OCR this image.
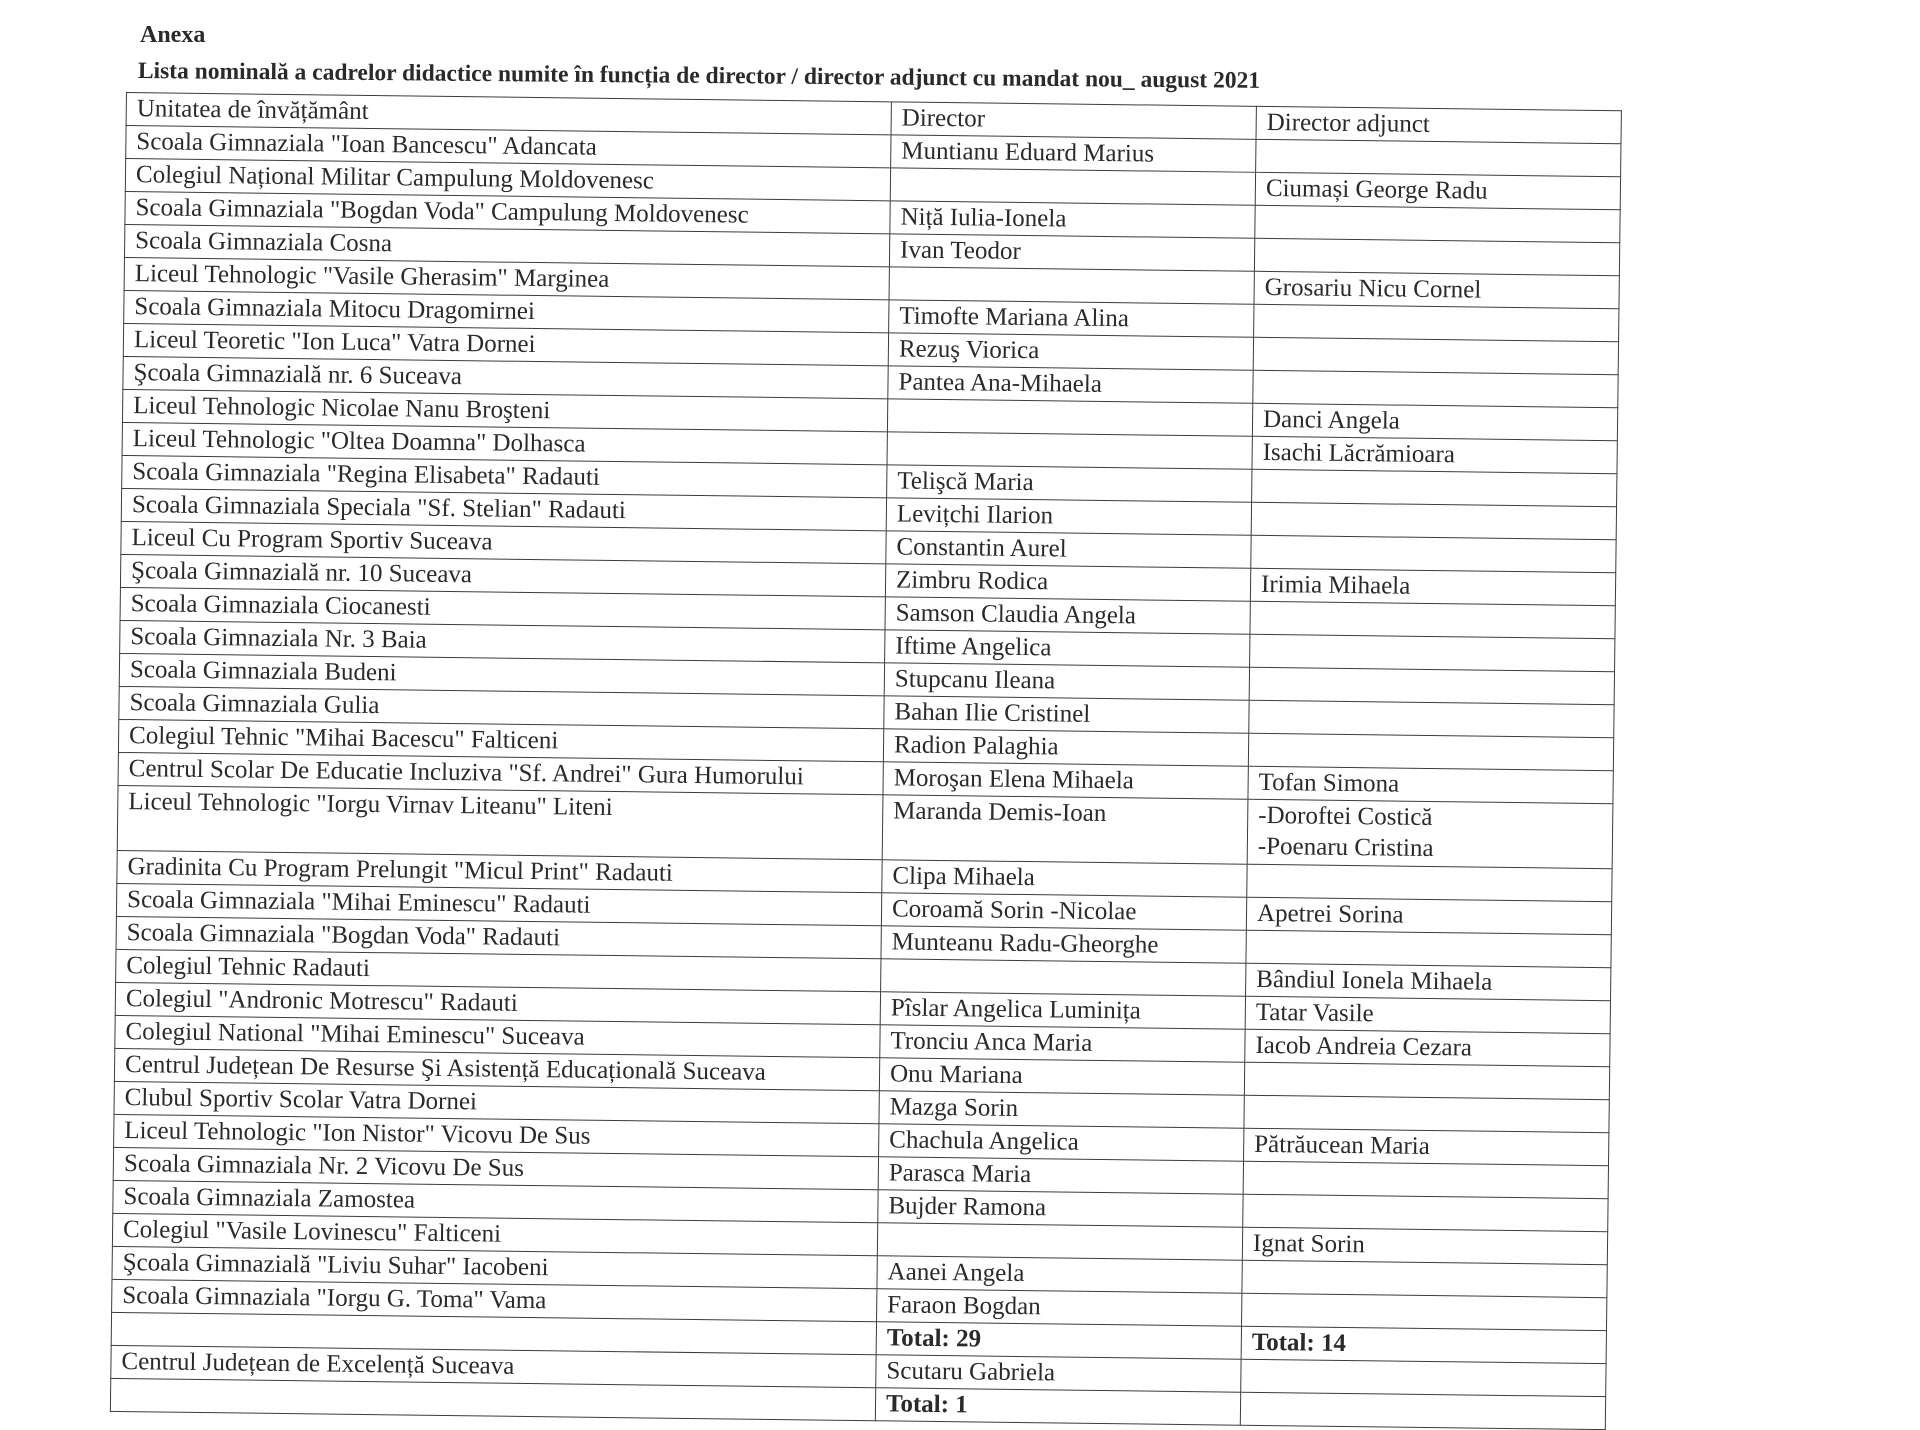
Anexa
Lista nominală a cadrelor didactice numite în funcția de director / director adjunct cu mandat nou_ august 2021
Unitatea de învățământ	Director	Director adjunct
Scoala Gimnaziala "Ioan Bancescu" Adancata	Muntianu Eduard Marius	
Colegiul Național Militar Campulung Moldovenesc		Ciumași George Radu
Scoala Gimnaziala "Bogdan Voda" Campulung Moldovenesc	Niță Iulia-Ionela	
Scoala Gimnaziala Cosna	Ivan Teodor	
Liceul Tehnologic "Vasile Gherasim" Marginea		Grosariu Nicu Cornel
Scoala Gimnaziala Mitocu Dragomirnei	Timofte Mariana Alina	
Liceul Teoretic "Ion Luca" Vatra Dornei	Rezuş Viorica	
Şcoala Gimnazială nr. 6 Suceava	Pantea Ana-Mihaela	
Liceul Tehnologic Nicolae Nanu Broşteni		Danci Angela
Liceul Tehnologic "Oltea Doamna" Dolhasca		Isachi Lăcrămioara
Scoala Gimnaziala "Regina Elisabeta" Radauti	Telişcă Maria	
Scoala Gimnaziala Speciala "Sf. Stelian" Radauti	Levițchi Ilarion	
Liceul Cu Program Sportiv Suceava	Constantin Aurel	
Şcoala Gimnazială nr. 10 Suceava	Zimbru Rodica	Irimia Mihaela
Scoala Gimnaziala Ciocanesti	Samson Claudia Angela	
Scoala Gimnaziala Nr. 3 Baia	Iftime Angelica	
Scoala Gimnaziala Budeni	Stupcanu Ileana	
Scoala Gimnaziala Gulia	Bahan Ilie Cristinel	
Colegiul Tehnic "Mihai Bacescu" Falticeni	Radion Palaghia	
Centrul Scolar De Educatie Incluziva "Sf. Andrei" Gura Humorului	Moroşan Elena Mihaela	Tofan Simona
Liceul Tehnologic "Iorgu Virnav Liteanu" Liteni	Maranda Demis-Ioan	-Doroftei Costică
-Poenaru Cristina
Gradinita Cu Program Prelungit "Micul Print" Radauti	Clipa Mihaela	
Scoala Gimnaziala "Mihai Eminescu" Radauti	Coroamă Sorin -Nicolae	Apetrei Sorina
Scoala Gimnaziala "Bogdan Voda" Radauti	Munteanu Radu-Gheorghe	
Colegiul Tehnic Radauti		Bândiul Ionela Mihaela
Colegiul "Andronic Motrescu" Radauti	Pîslar Angelica Luminița	Tatar Vasile
Colegiul National "Mihai Eminescu" Suceava	Tronciu Anca Maria	Iacob Andreia Cezara
Centrul Județean De Resurse Şi Asistență Educațională Suceava	Onu Mariana	
Clubul Sportiv Scolar Vatra Dornei	Mazga Sorin	
Liceul Tehnologic "Ion Nistor" Vicovu De Sus	Chachula Angelica	Pătrăucean Maria
Scoala Gimnaziala Nr. 2 Vicovu De Sus	Parasca Maria	
Scoala Gimnaziala Zamostea	Bujder Ramona	
Colegiul "Vasile Lovinescu" Falticeni		Ignat Sorin
Şcoala Gimnazială "Liviu Suhar" Iacobeni	Aanei Angela	
Scoala Gimnaziala "Iorgu G. Toma" Vama	Faraon Bogdan	
	Total: 29	Total: 14
Centrul Județean de Excelență Suceava	Scutaru Gabriela	
	Total: 1	
